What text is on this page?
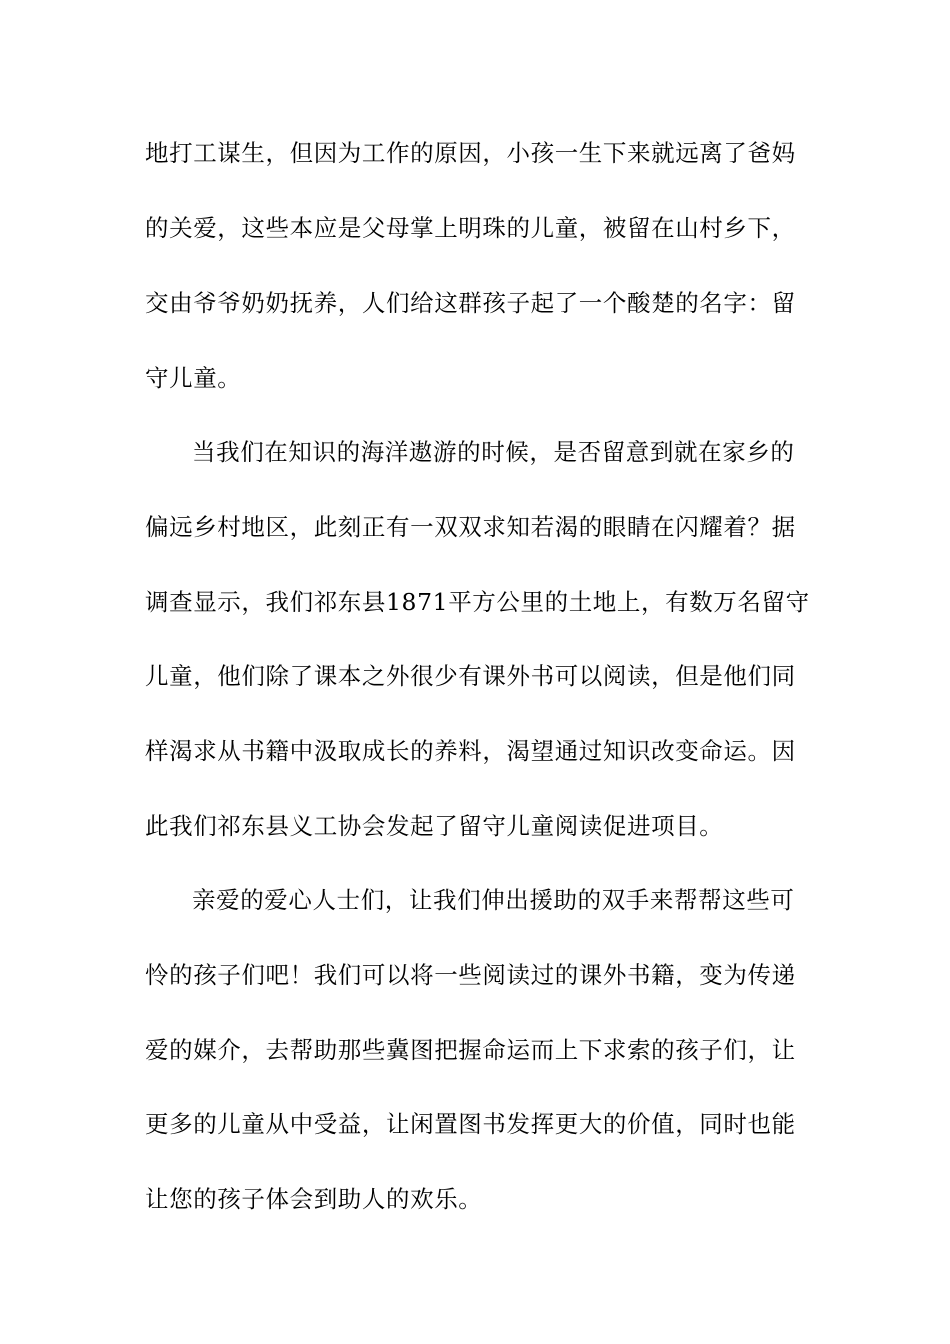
地打工谋生，但因为工作的原因，小孩一生下来就远离了爸妈
的关爱，这些本应是父母掌上明珠的儿童，被留在山村乡下，
交由爷爷奶奶抚养，人们给这群孩子起了一个酸楚的名字：留
守儿童。
当我们在知识的海洋遨游的时候，是否留意到就在家乡的
偏远乡村地区，此刻正有一双双求知若渴的眼睛在闪耀着？据
调查显示，我们祁东县1871平方公里的土地上，有数万名留守
儿童，他们除了课本之外很少有课外书可以阅读，但是他们同
样渴求从书籍中汲取成长的养料，渴望通过知识改变命运。因
此我们祁东县义工协会发起了留守儿童阅读促进项目。
亲爱的爱心人士们，让我们伸出援助的双手来帮帮这些可
怜的孩子们吧！我们可以将一些阅读过的课外书籍，变为传递
爱的媒介，去帮助那些冀图把握命运而上下求索的孩子们，让
更多的儿童从中受益，让闲置图书发挥更大的价值，同时也能
让您的孩子体会到助人的欢乐。
